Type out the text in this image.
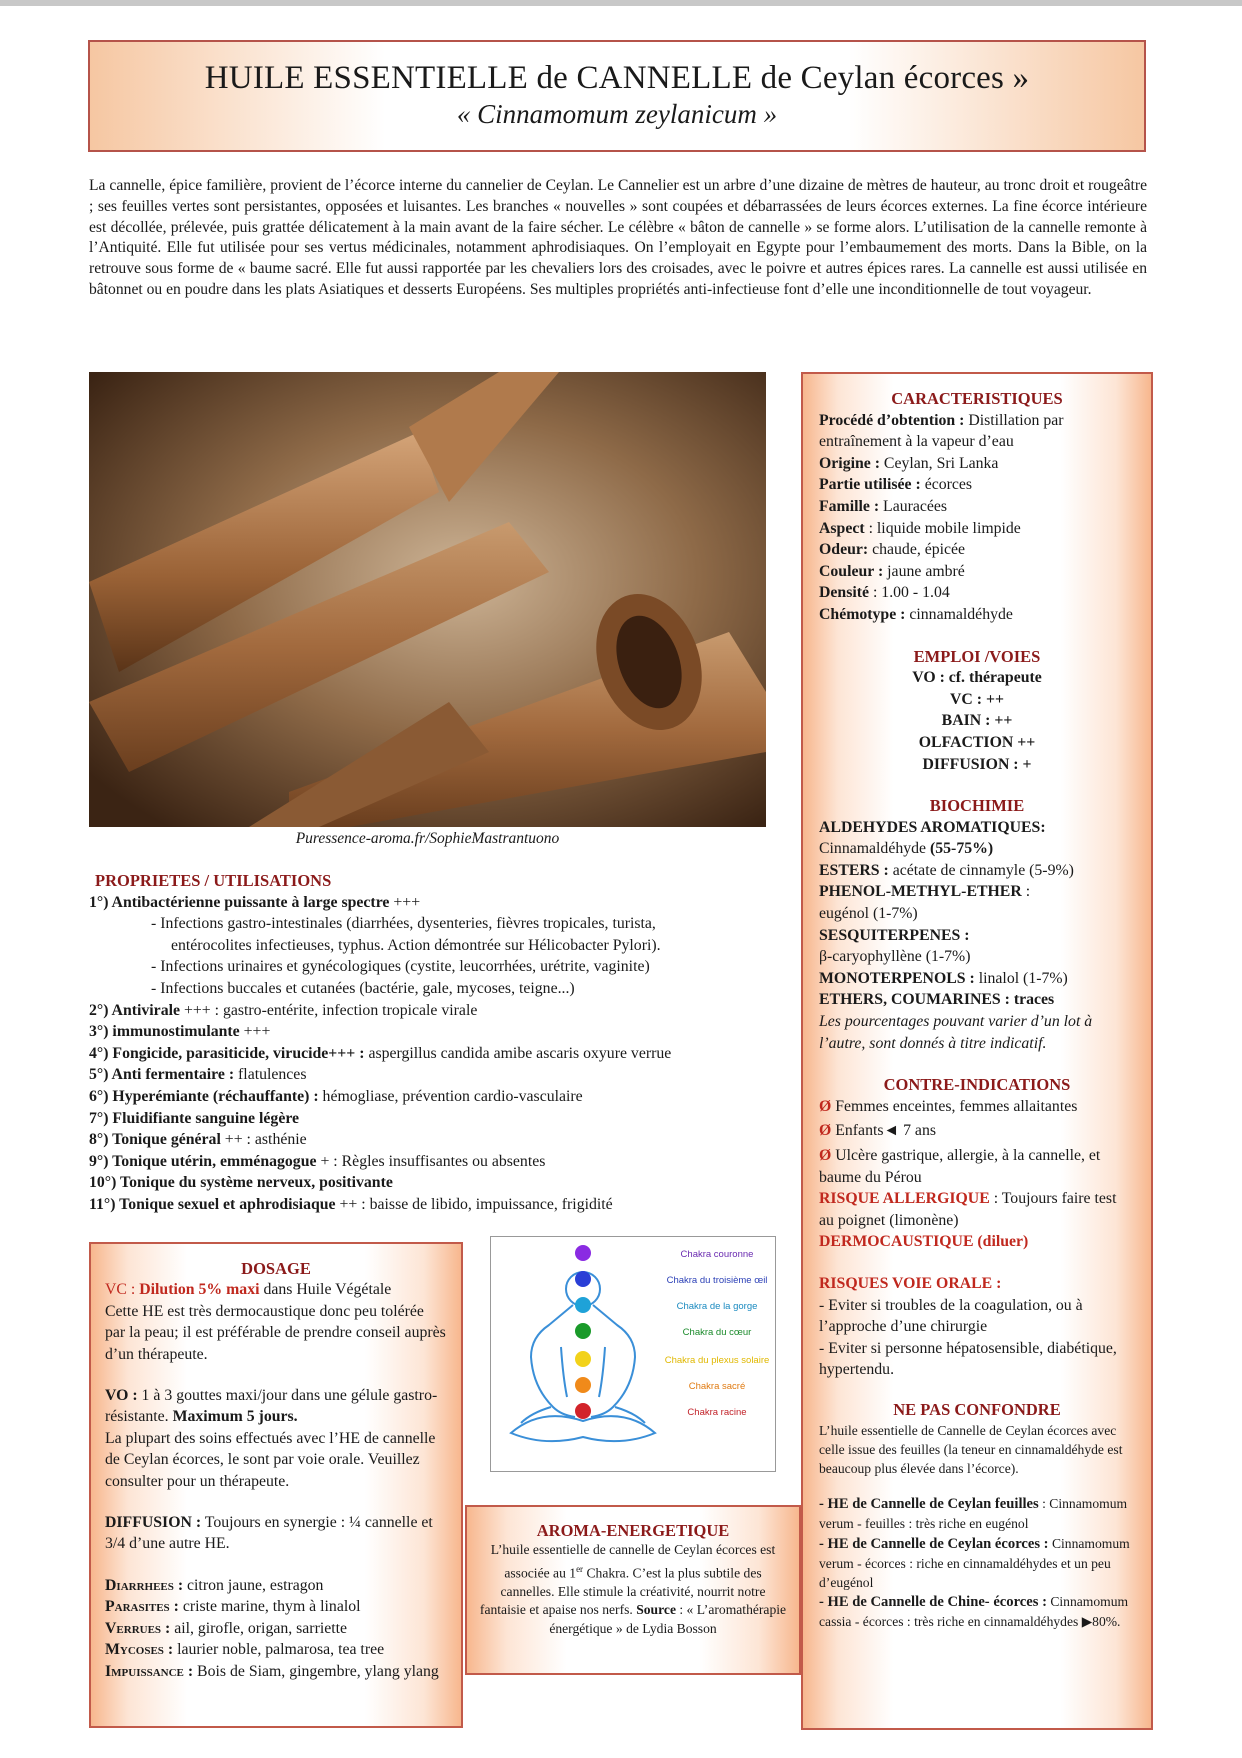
HUILE ESSENTIELLE de CANNELLE de Ceylan écorces »
« Cinnamomum zeylanicum »
La cannelle, épice familière, provient de l’écorce interne du cannelier de Ceylan. Le Cannelier est un arbre d’une dizaine de mètres de hauteur, au tronc droit et rougeâtre ; ses feuilles vertes sont persistantes, opposées et luisantes. Les branches « nouvelles » sont coupées et débarrassées de leurs écorces externes. La fine écorce intérieure est décollée, prélevée, puis grattée délicatement à la main avant de la faire sécher. Le célèbre « bâton de cannelle » se forme alors. L’utilisation de la cannelle remonte à l’Antiquité. Elle fut utilisée pour ses vertus médicinales, notamment aphrodisiaques. On l’employait en Egypte pour l’embaumement des morts. Dans la Bible, on la retrouve sous forme de « baume sacré. Elle fut aussi rapportée par les chevaliers lors des croisades, avec le poivre et autres épices rares. La cannelle est aussi utilisée en bâtonnet ou en poudre dans les plats Asiatiques et desserts Européens. Ses multiples propriétés anti-infectieuse font d’elle une inconditionnelle de tout voyageur.
Puressence-aroma.fr/SophieMastrantuono
PROPRIETES / UTILISATIONS
1°) Antibactérienne puissante à large spectre +++
- Infections gastro-intestinales (diarrhées, dysenteries, fièvres tropicales, turista,
entérocolites infectieuses, typhus. Action démontrée sur Hélicobacter Pylori).
- Infections urinaires et gynécologiques (cystite, leucorrhées, urétrite, vaginite)
- Infections buccales et cutanées (bactérie, gale, mycoses, teigne...)
2°) Antivirale +++ : gastro-entérite, infection tropicale virale
3°) immunostimulante +++
4°) Fongicide, parasiticide, virucide+++ : aspergillus candida amibe ascaris oxyure verrue
5°) Anti fermentaire : flatulences
6°) Hyperémiante (réchauffante) : hémogliase, prévention cardio-vasculaire
7°) Fluidifiante sanguine légère
8°) Tonique général ++ : asthénie
9°) Tonique utérin, emménagogue + : Règles insuffisantes ou absentes
10°) Tonique du système nerveux, positivante
11°) Tonique sexuel et aphrodisiaque ++ : baisse de libido, impuissance, frigidité
CARACTERISTIQUES
Procédé d’obtention : Distillation par entraînement à la vapeur d’eau
Origine : Ceylan, Sri Lanka
Partie utilisée : écorces
Famille : Lauracées
Aspect : liquide mobile limpide
Odeur: chaude, épicée
Couleur : jaune ambré
Densité : 1.00 - 1.04
Chémotype : cinnamaldéhyde
EMPLOI /VOIES
VO : cf. thérapeute
VC : ++
BAIN : ++
OLFACTION ++
DIFFUSION : +
BIOCHIMIE
ALDEHYDES AROMATIQUES:
Cinnamaldéhyde (55-75%)
ESTERS : acétate de cinnamyle (5-9%)
PHENOL-METHYL-ETHER :
eugénol (1-7%)
SESQUITERPENES :
β-caryophyllène (1-7%)
MONOTERPENOLS : linalol (1-7%)
ETHERS, COUMARINES : traces
Les pourcentages pouvant varier d’un lot à l’autre, sont donnés à titre indicatif.
CONTRE-INDICATIONS
Ø Femmes enceintes, femmes allaitantes
Ø Enfants◄ 7 ans
Ø Ulcère gastrique, allergie, à la cannelle, et baume du Pérou
RISQUE ALLERGIQUE : Toujours faire test au poignet (limonène)
DERMOCAUSTIQUE (diluer)
RISQUES VOIE ORALE :
- Eviter si troubles de la coagulation, ou à l’approche d’une chirurgie
- Eviter si personne hépatosensible, diabétique, hypertendu.
NE PAS CONFONDRE
L’huile essentielle de Cannelle de Ceylan écorces avec celle issue des feuilles (la teneur en cinnamaldéhyde est beaucoup plus élevée dans l’écorce).
- HE de Cannelle de Ceylan feuilles : Cinnamomum verum - feuilles : très riche en eugénol
- HE de Cannelle de Ceylan écorces : Cinnamomum verum - écorces : riche en cinnamaldéhydes et un peu d’eugénol
- HE de Cannelle de Chine- écorces : Cinnamomum cassia - écorces : très riche en cinnamaldéhydes ▶80%.
DOSAGE
VC : Dilution 5% maxi dans Huile Végétale
Cette HE est très dermocaustique donc peu tolérée par la peau; il est préférable de prendre conseil auprès d’un thérapeute.
VO : 1 à 3 gouttes maxi/jour dans une gélule gastro-résistante. Maximum 5 jours.
La plupart des soins effectués avec l’HE de cannelle de Ceylan écorces, le sont par voie orale. Veuillez consulter pour un thérapeute.
DIFFUSION : Toujours en synergie : ¼ cannelle et 3/4 d’une autre HE.
Diarrhees : citron jaune, estragon
Parasites : criste marine, thym à linalol
Verrues : ail, girofle, origan, sarriette
Mycoses : laurier noble, palmarosa, tea tree
Impuissance : Bois de Siam, gingembre, ylang ylang
Chakra couronne
Chakra du troisième œil
Chakra de la gorge
Chakra du cœur
Chakra du plexus solaire
Chakra sacré
Chakra racine
AROMA-ENERGETIQUE
L’huile essentielle de cannelle de Ceylan écorces est associée au 1er Chakra. C’est la plus subtile des cannelles. Elle stimule la créativité, nourrit notre fantaisie et apaise nos nerfs. Source : « L’aromathérapie énergétique » de Lydia Bosson
